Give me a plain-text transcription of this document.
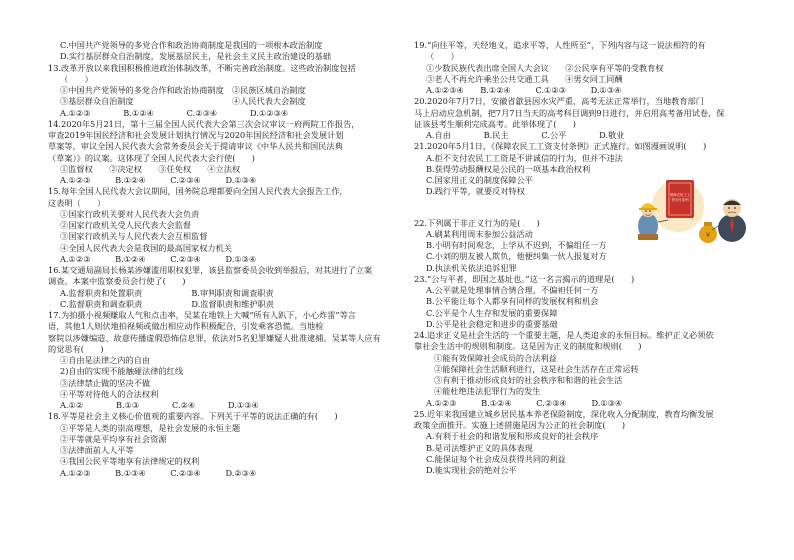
C.中国共产党领导的多党合作和政治协商制度是我国的一项根本政治制度
D.实行基层群众自治制度，发展基层民主，是社会主义民主政治建设的基础
13.改革开放以来我国积极推进政治体制改革，不断完善政治制度。这些政治制度包括
（　　）
①中国共产党领导的多党合作和政治协商制度　②民族区域自治制度
③基层群众自治制度　　　　　　　　　　　　④人民代表大会制度
A.①②③　　　　B.①②④　　　　C.②③④　　　　D.①②③④
14.2020年5月21日，第十三届全国人民代表大会第三次会议审议一府两院工作报告，
审查2019年国民经济和社会发展计划执行情况与2020年国民经济和社会发展计划
草案等，审议全国人民代表大会常务委员会关于提请审议《中华人民共和国民法典
（草案）》的议案。这体现了全国人民代表大会行使(　　)
①监督权　　②决定权　　③任免权　　④立法权
A.①②③　　　B.①②④　　　C.②③④　　　D.①③④
15.每年全国人民代表大会议期间，国务院总理都要向全国人民代表大会报告工作，
这表明（　　）
①国家行政机关要对人民代表大会负责
②国家行政机关受人民代表大会监督
③国家行政机关与人民代表大会互相监督
④全国人民代表大会是我国的最高国家权力机关
A.①②③　　　B.①②④　　　C.②③④　　　D.①③④
16.某交通局副局长杨某涉嫌滥用职权犯罪，该县监察委员会收到举报后，对其进行了立案
调查。本案中监察委员会行使了(　　)
A.监督职责和处置职责　　　　　　B.审判职责和调查职责
C.监督职责和调查职责　　　　　　D.监督职责和维护职责
17.为拍摄小视频赚取人气和点击率，吴某在地铁上大喊“所有人趴下，小心炸雷”等言
语，其他1人则伏地拍视频或做出相应动作积极配合，引发乘客恐慌。当地检
察院以涉嫌编造、故意传播虚假恐怖信息罪，依法对5名犯罪嫌疑人批准逮捕。吴某等人应有
的觉思有(　　)
①自由是法律之内的自由
2)自由的实现不能触碰法律的红线
③法律禁止做的坚决不做
④平等对待他人的合法权利
A.①②　　　　B.①③　　　　C.②④　　　　D.①③④
18.平等是社会主义核心价值观的重要内容。下列关于平等的说法正确的有(　　)
①平等是人类的崇高理想，是社会发展的永恒主题
②平等就是平均享有社会资源
③法律面前人人平等
④我国公民平等地享有法律规定的权利
A.①②③　　　B.①③④　　　C.②③④　　　D.②③④
19.“向往平等，天经地义，追求平等，人性所至”，下列内容与这一说法相符的有
（　　）
①少数民族代表出席全国人大会议　　②公民享有平等的受教育权
③老人不再允许乘坐公共交通工具　　④男女同工同酬
A.①②③④　　B.①②④　　　C.①②③　　　D.①③④
20.2020年7月7日，安徽省歙县因水灾严重，高考无法正常举行，当地教育部门
马上启动应急机制，把7月7日当天的高考科目调到9日进行，并启用高考备用试卷，保
证该县考生顺利完成高考。此举体现了(　　)
A.自由　　　　B.民主　　　　C.公平　　　　D.敬业
21.2020年5月1日，《保障农民工工资支付条例》正式施行。如图漫画说明(　　)
A.拒不支付农民工工资是不讲诚信的行为，但并不违法
B.获得劳动报酬权是公民的一项基本政治权利
C.国家用正义的制度保障公平
D.践行平等，就要反对特权
22.下列属于非正义行为的是(　　)
A.刷某利用周末参加公益活动
B.小明有时间观念，上学从不迟到，不偏组任一方
C.小刘的朋友被人欺负，他便纠集一伙人报复对方
D.执法机关依法追诉犯罪
23.“公与平者，即国之基址也。”这一名言揭示的道理是(　　)
A.公平就是处理事情合情合理，不偏袒任何一方
B.公平能让每个人都享有同样的发展权利和机会
C.公平是个人生存和发展的重要保障
D.公平是社会稳定和进步的重要基础
24.追求正义是社会生活的一个重要主题，是人类追求的永恒目标。维护正义必须依
靠社会生活中的规则和制度。这是因为正义的制度和规则(　　)
①能有效保障社会成员的合法利益
②能保障社会生活顺利进行，这是社会生活存在正常运转
③有利于推动形成良好的社会秩序和和谐的社会生活
④能杜绝违法犯罪行为的发生
A.①②③　　　B.①②④　　　C.②③④　　　D.①③④
25.近年来我国建立城乡居民基本养老保险制度，深化收入分配制度，教育均衡发展
政策全面推开。实施上述措施是因为公正的社会制度(　　)
A.有利于社会的和谐发展和形成良好的社会秩序
B.是司法维护正义的具体表现
C.能保证每个社会成员获得共同的利益
D.能实现社会的绝对公平
保障农民工工
资支付条例
¥
